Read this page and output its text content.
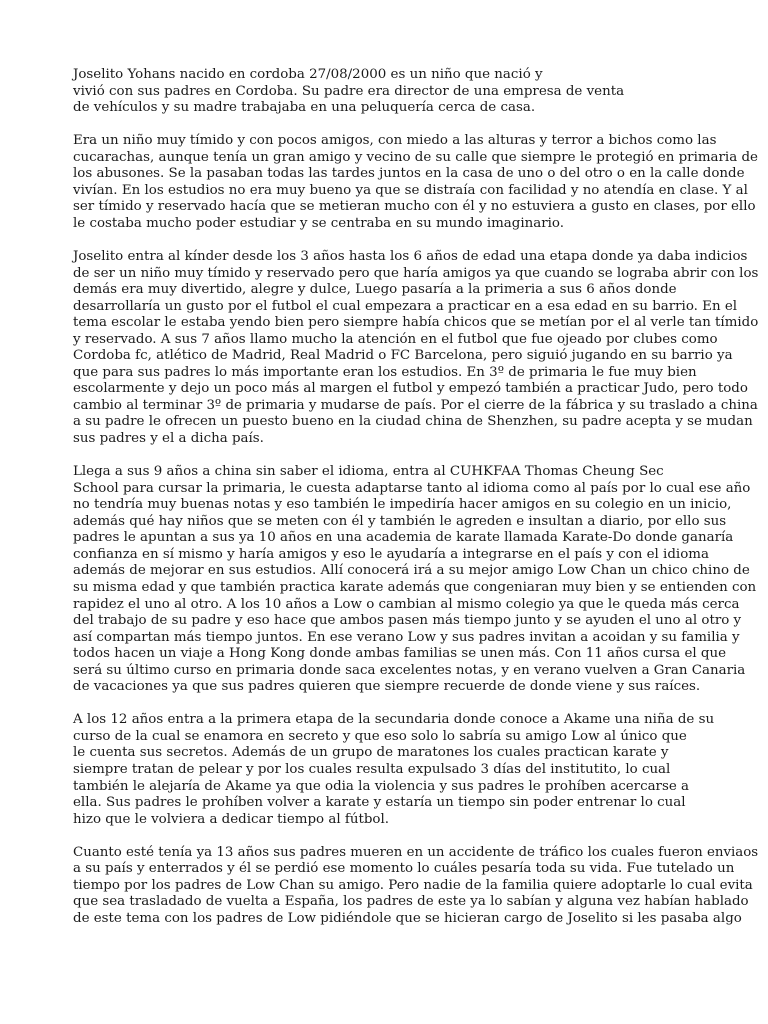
Joselito Yohans nacido en cordoba 27/08/2000 es un niño que nació y
vivió con sus padres en Cordoba. Su padre era director de una empresa de venta
de vehículos y su madre trabajaba en una peluquería cerca de casa.

Era un niño muy tímido y con pocos amigos, con miedo a las alturas y terror a bichos como las
cucarachas, aunque tenía un gran amigo y vecino de su calle que siempre le protegió en primaria de
los abusones. Se la pasaban todas las tardes juntos en la casa de uno o del otro o en la calle donde
vivían. En los estudios no era muy bueno ya que se distraía con facilidad y no atendía en clase. Y al
ser tímido y reservado hacía que se metieran mucho con él y no estuviera a gusto en clases, por ello
le costaba mucho poder estudiar y se centraba en su mundo imaginario.

Joselito entra al kínder desde los 3 años hasta los 6 años de edad una etapa donde ya daba indicios
de ser un niño muy tímido y reservado pero que haría amigos ya que cuando se lograba abrir con los
demás era muy divertido, alegre y dulce, Luego pasaría a la primeria a sus 6 años donde
desarrollaría un gusto por el futbol el cual empezara a practicar en a esa edad en su barrio. En el
tema escolar le estaba yendo bien pero siempre había chicos que se metían por el al verle tan tímido
y reservado. A sus 7 años llamo mucho la atención en el futbol que fue ojeado por clubes como
Cordoba fc, atlético de Madrid, Real Madrid o FC Barcelona, pero siguió jugando en su barrio ya
que para sus padres lo más importante eran los estudios. En 3º de primaria le fue muy bien
escolarmente y dejo un poco más al margen el futbol y empezó también a practicar Judo, pero todo
cambio al terminar 3º de primaria y mudarse de país. Por el cierre de la fábrica y su traslado a china
a su padre le ofrecen un puesto bueno en la ciudad china de Shenzhen, su padre acepta y se mudan
sus padres y el a dicha país.

Llega a sus 9 años a china sin saber el idioma, entra al CUHKFAA Thomas Cheung Sec
School para cursar la primaria, le cuesta adaptarse tanto al idioma como al país por lo cual ese año
no tendría muy buenas notas y eso también le impediría hacer amigos en su colegio en un inicio,
además qué hay niños que se meten con él y también le agreden e insultan a diario, por ello sus
padres le apuntan a sus ya 10 años en una academia de karate llamada Karate-Do donde ganaría
confianza en sí mismo y haría amigos y eso le ayudaría a integrarse en el país y con el idioma
además de mejorar en sus estudios. Allí conocerá irá a su mejor amigo Low Chan un chico chino de
su misma edad y que también practica karate además que congeniaran muy bien y se entienden con
rapidez el uno al otro. A los 10 años a Low o cambian al mismo colegio ya que le queda más cerca
del trabajo de su padre y eso hace que ambos pasen más tiempo junto y se ayuden el uno al otro y
así compartan más tiempo juntos. En ese verano Low y sus padres invitan a acoidan y su familia y
todos hacen un viaje a Hong Kong donde ambas familias se unen más. Con 11 años cursa el que
será su último curso en primaria donde saca excelentes notas, y en verano vuelven a Gran Canaria
de vacaciones ya que sus padres quieren que siempre recuerde de donde viene y sus raíces.

A los 12 años entra a la primera etapa de la secundaria donde conoce a Akame una niña de su
curso de la cual se enamora en secreto y que eso solo lo sabría su amigo Low al único que
le cuenta sus secretos. Además de un grupo de maratones los cuales practican karate y
siempre tratan de pelear y por los cuales resulta expulsado 3 días del institutito, lo cual
también le alejaría de Akame ya que odia la violencia y sus padres le prohíben acercarse a
ella. Sus padres le prohíben volver a karate y estaría un tiempo sin poder entrenar lo cual
hizo que le volviera a dedicar tiempo al fútbol.

Cuanto esté tenía ya 13 años sus padres mueren en un accidente de tráfico los cuales fueron enviaos
a su país y enterrados y él se perdió ese momento lo cuáles pesaría toda su vida. Fue tutelado un
tiempo por los padres de Low Chan su amigo. Pero nadie de la familia quiere adoptarle lo cual evita
que sea trasladado de vuelta a España, los padres de este ya lo sabían y alguna vez habían hablado
de este tema con los padres de Low pidiéndole que se hicieran cargo de Joselito si les pasaba algo
